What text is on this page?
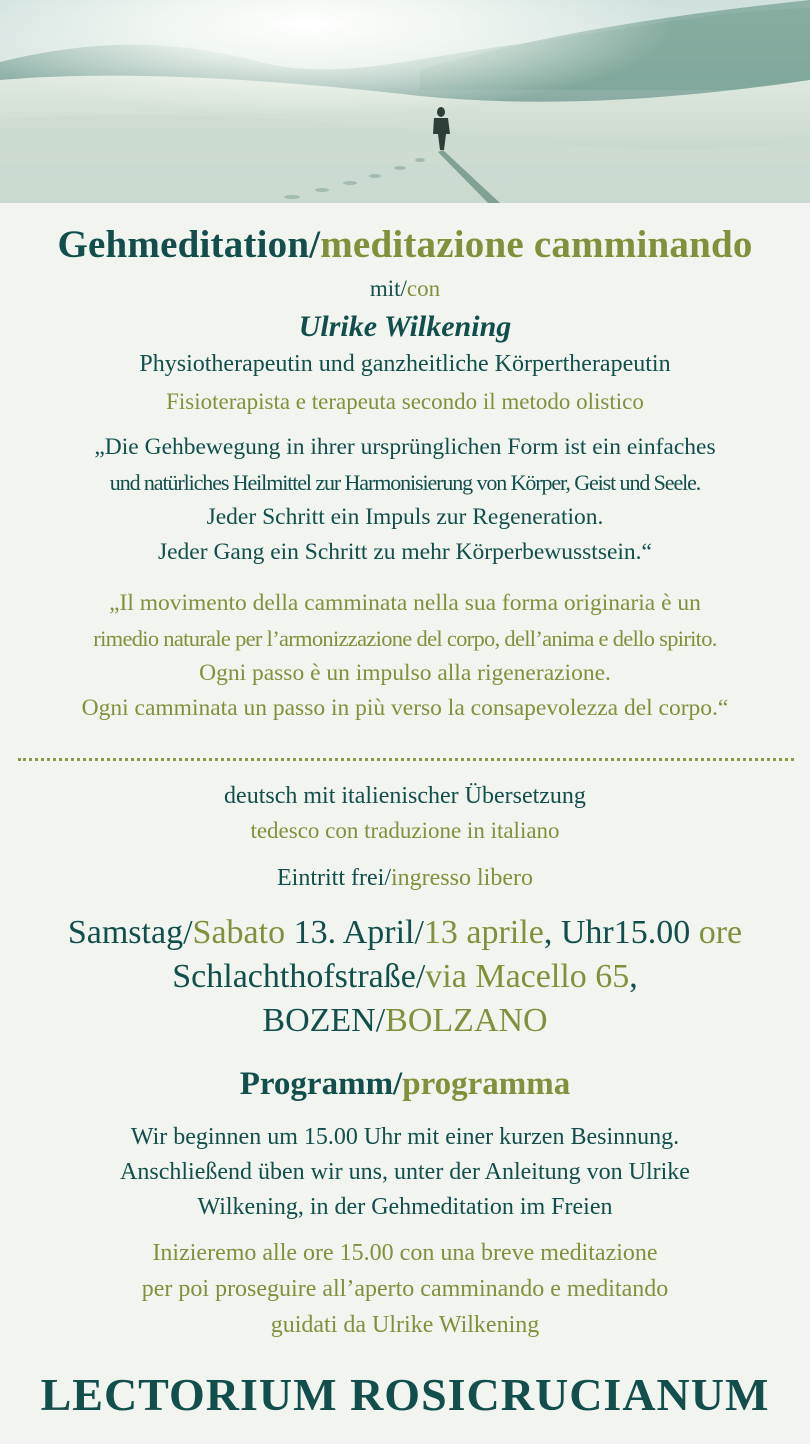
Gehmeditation/meditazione camminando
mit/con
Ulrike Wilkening
Physiotherapeutin und ganzheitliche Körpertherapeutin
Fisioterapista e terapeuta secondo il metodo olistico
„Die Gehbewegung in ihrer ursprünglichen Form ist ein einfaches
und natürliches Heilmittel zur Harmonisierung von Körper, Geist und Seele.
Jeder Schritt ein Impuls zur Regeneration.
Jeder Gang ein Schritt zu mehr Körperbewusstsein.“
„Il movimento della camminata nella sua forma originaria è un
rimedio naturale per l’armonizzazione del corpo, dell’anima e dello spirito.
Ogni passo è un impulso alla rigenerazione.
Ogni camminata un passo in più verso la consapevolezza del corpo.“
deutsch mit italienischer Übersetzung
tedesco con traduzione in italiano
Eintritt frei/ingresso libero
Samstag/Sabato 13. April/13 aprile, Uhr15.00 ore
Schlachthofstraße/via Macello 65,
BOZEN/BOLZANO
Programm/programma
Wir beginnen um 15.00 Uhr mit einer kurzen Besinnung.
Anschließend üben wir uns, unter der Anleitung von Ulrike
Wilkening, in der Gehmeditation im Freien
Inizieremo alle ore 15.00 con una breve meditazione
per poi proseguire all’aperto camminando e meditando
guidati da Ulrike Wilkening
LECTORIUM ROSICRUCIANUM
